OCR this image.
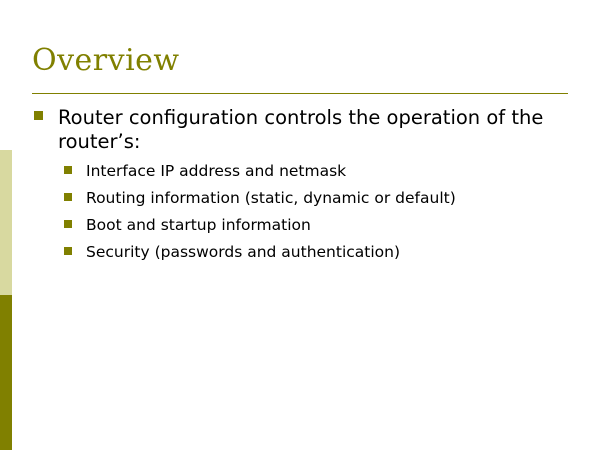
Overview
Router configuration controls the operation of the router’s:
Interface IP address and netmask
Routing information (static, dynamic or default)
Boot and startup information
Security (passwords and authentication)
